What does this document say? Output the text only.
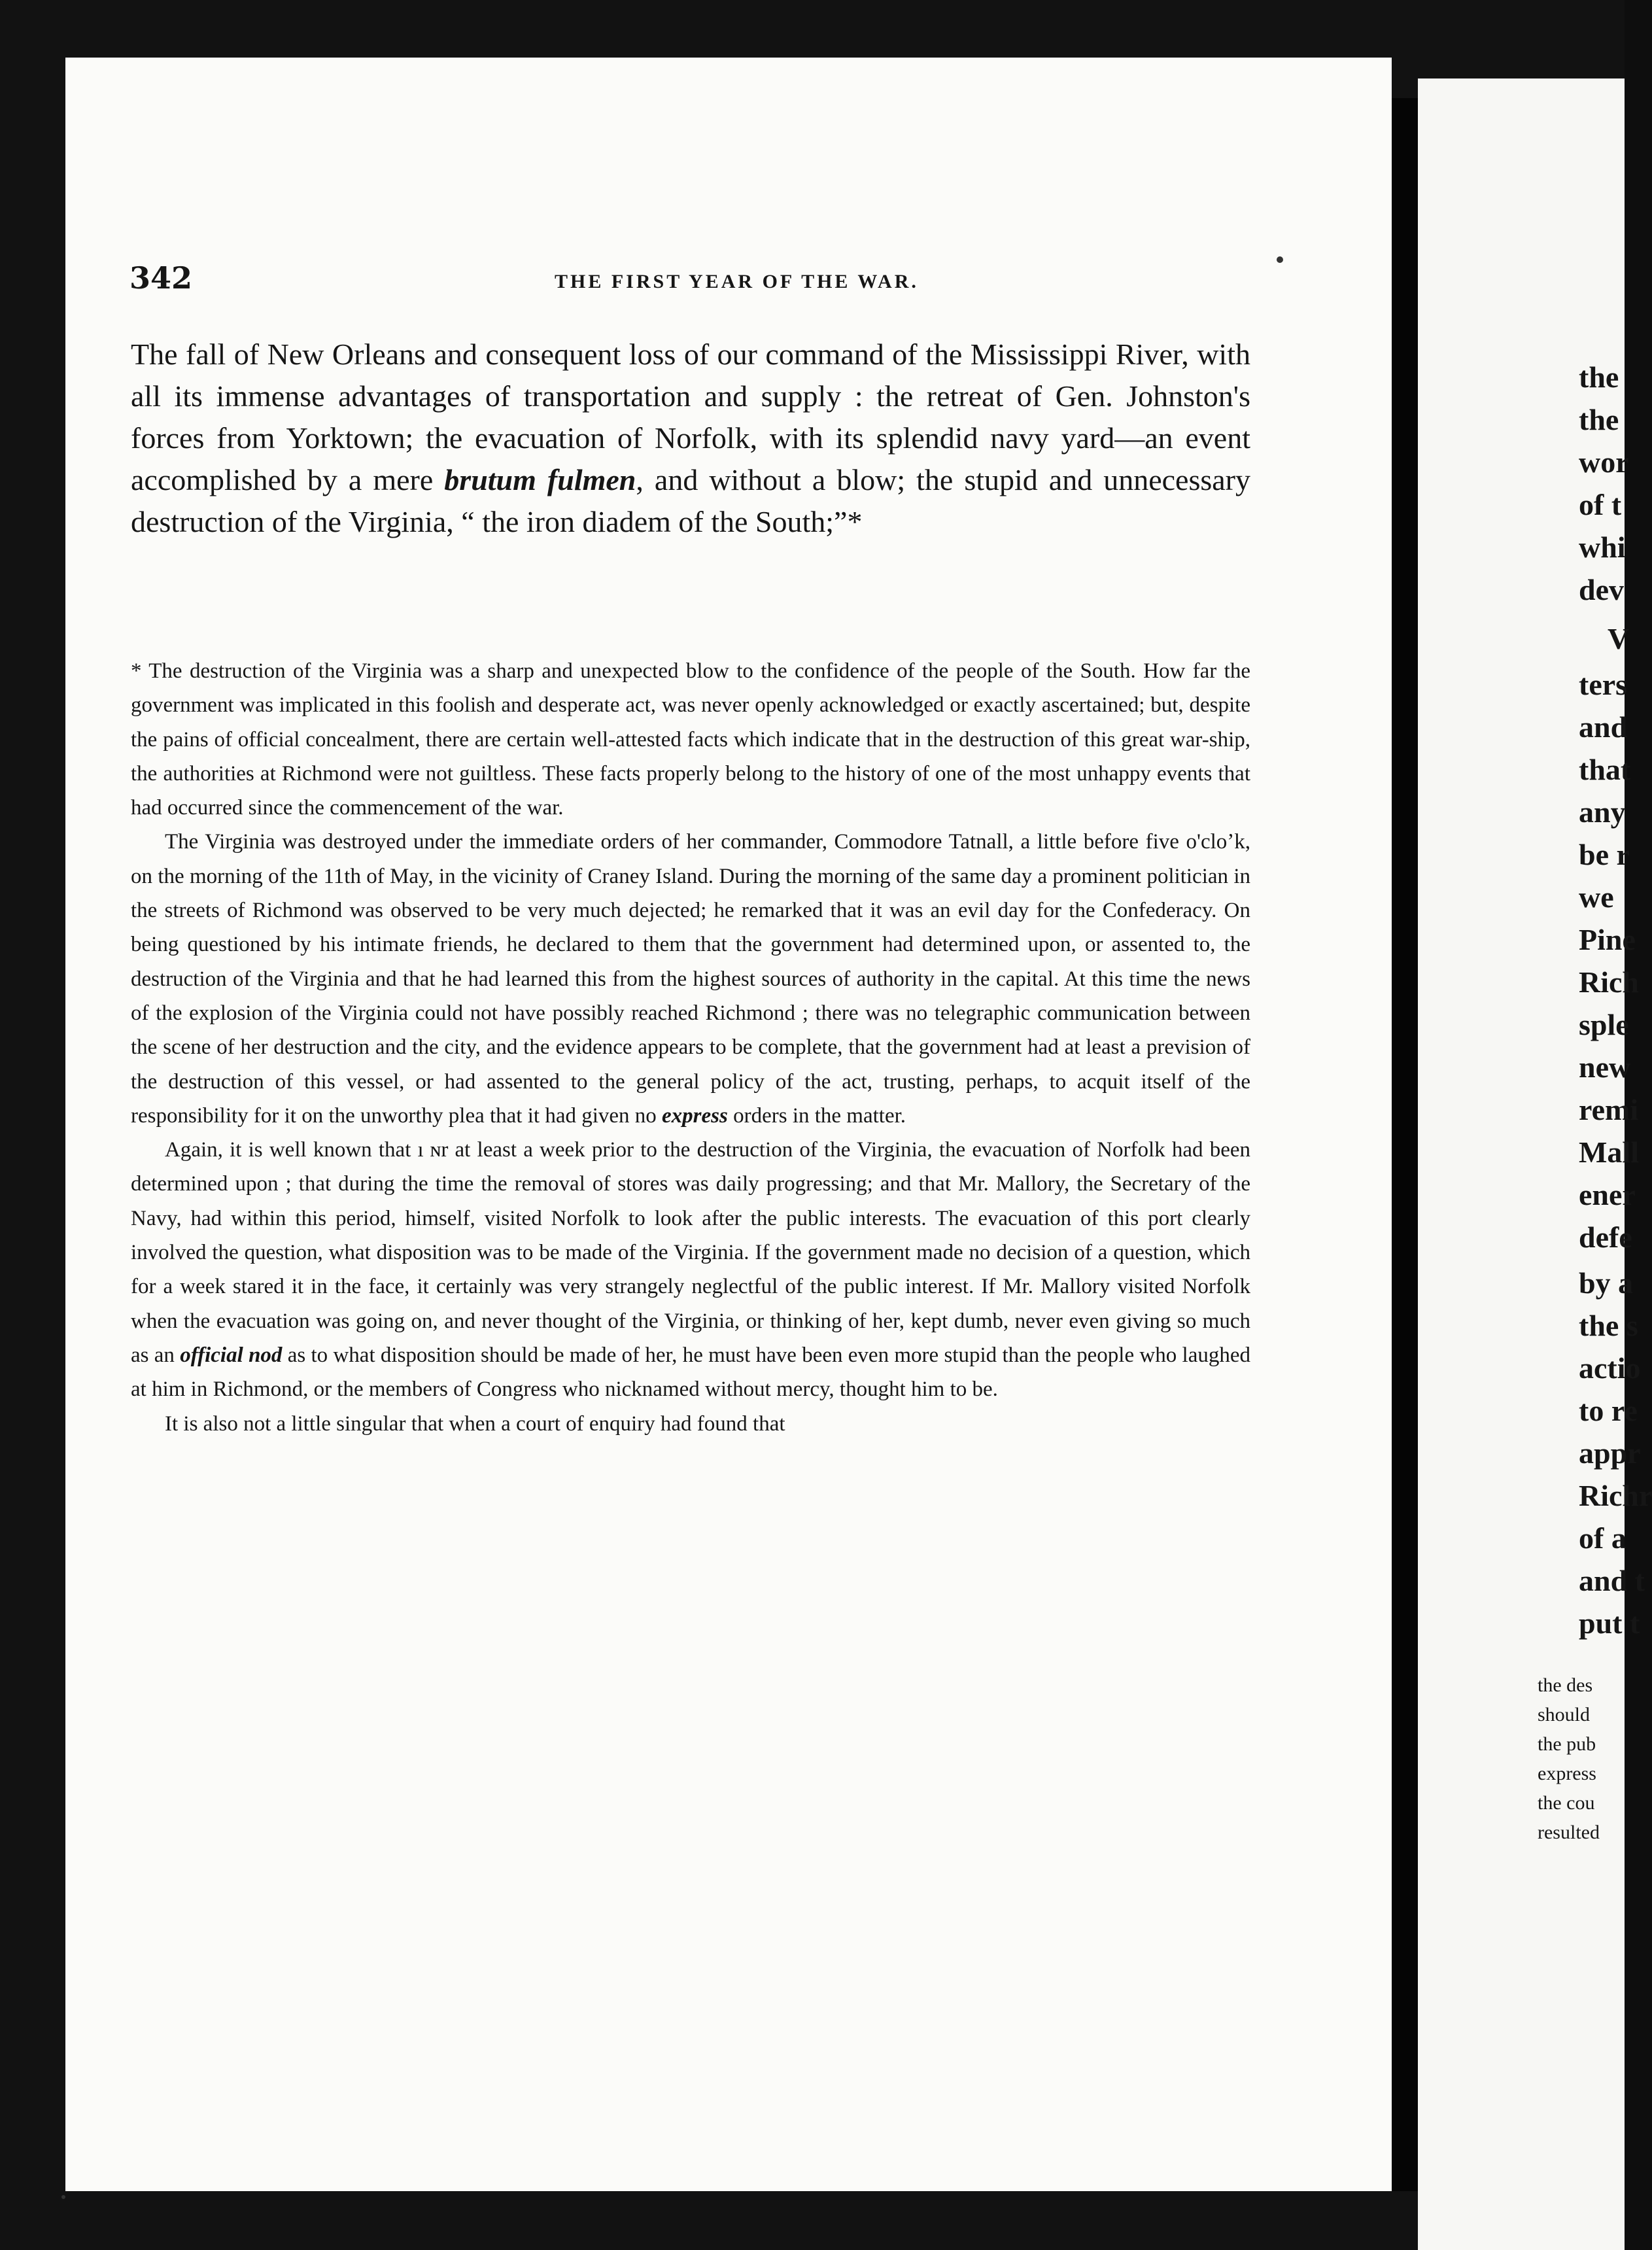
342	THE FIRST YEAR OF THE WAR.
The fall of New Orleans and consequent loss of our command of the Mississippi River, with all its immense advantages of transportation and supply : the retreat of Gen. Johnston's forces from Yorktown; the evacuation of Norfolk, with its splendid navy yard—an event accomplished by a mere brutum fulmen, and without a blow; the stupid and unnecessary destruction of the Virginia, “ the iron diadem of the South;”*

* The destruction of the Virginia was a sharp and unexpected blow to the confidence of the people of the South. How far the government was implicated in this foolish and desperate act, was never openly acknowledged or exactly ascertained; but, despite the pains of official concealment, there are certain well-attested facts which indicate that in the destruction of this great war-ship, the authorities at Richmond were not guiltless. These facts properly belong to the history of one of the most unhappy events that had occurred since the commencement of the war.

The Virginia was destroyed under the immediate orders of her commander, Commodore Tatnall, a little before five o'cloʼk, on the morning of the 11th of May, in the vicinity of Craney Island. During the morning of the same day a prominent politician in the streets of Richmond was observed to be very much dejected; he remarked that it was an evil day for the Confederacy. On being questioned by his intimate friends, he declared to them that the government had determined upon, or assented to, the destruction of the Virginia and that he had learned this from the highest sources of authority in the capital. At this time the news of the explosion of the Virginia could not have possibly reached Richmond ; there was no telegraphic communication between the scene of her destruction and the city, and the evidence appears to be complete, that the government had at least a prevision of the destruction of this vessel, or had assented to the general policy of the act, trusting, perhaps, to acquit itself of the responsibility for it on the unworthy plea that it had given no express orders in the matter.

Again, it is well known that ı ɴr at least a week prior to the destruction of the Virginia, the evacuation of Norfolk had been determined upon ; that during the time the removal of stores was daily progressing; and that Mr. Mallory, the Secretary of the Navy, had within this period, himself, visited Norfolk to look after the public interests. The evacuation of this port clearly involved the question, what disposition was to be made of the Virginia. If the government made no decision of a question, which for a week stared it in the face, it certainly was very strangely neglectful of the public interest. If Mr. Mallory visited Norfolk when the evacuation was going on, and never thought of the Virginia, or thinking of her, kept dumb, never even giving so much as an official nod as to what disposition should be made of her, he must have been even more stupid than the people who laughed at him in Richmond, or the members of Congress who nicknamed without mercy, thought him to be.

It is also not a little singular that when a court of enquiry had found that

the
the
wor
of t
whi
dev
V
ters
and
that
any
be r
we
Pine
Rich
sple
new
remi
Mall
ener
defe
by a
the s
actio
to re
appr
Richr
of a
and t
put t
the des
should
the pub
express
the cou
resulted
